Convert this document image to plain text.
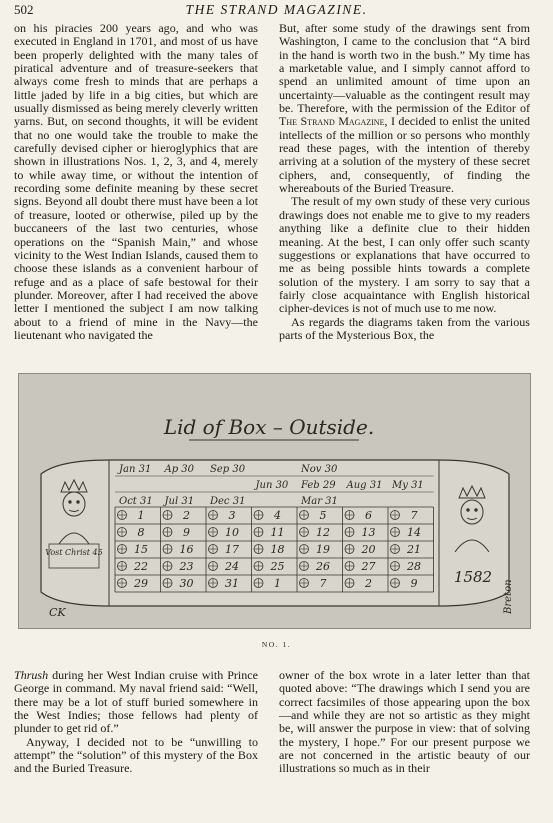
502	THE STRAND MAGAZINE.

on his piracies 200 years ago, and who was executed in England in 1701, and most of us have been properly delighted with the many tales of piratical adventure and of treasure-seekers that always come fresh to minds that are perhaps a little jaded by life in a big cities, but which are usually dismissed as being merely cleverly written yarns. But, on second thoughts, it will be evident that no one would take the trouble to make the carefully devised cipher or hieroglyphics that are shown in illustrations Nos. 1, 2, 3, and 4, merely to while away time, or without the intention of recording some definite meaning by these secret signs. Beyond all doubt there must have been a lot of treasure, looted or otherwise, piled up by the buccaneers of the last two centuries, whose operations on the “Spanish Main,” and whose vicinity to the West Indian Islands, caused them to choose these islands as a convenient harbour of refuge and as a place of safe bestowal for their plunder. Moreover, after I had received the above letter I mentioned the subject I am now talking about to a friend of mine in the Navy—the lieutenant who navigated the

But, after some study of the drawings sent from Washington, I came to the conclusion that “A bird in the hand is worth two in the bush.” My time has a marketable value, and I simply cannot afford to spend an unlimited amount of time upon an uncertainty—valuable as the contingent result may be. Therefore, with the permission of the Editor of The Strand Magazine, I decided to enlist the united intellects of the million or so persons who monthly read these pages, with the intention of thereby arriving at a solution of the mystery of these secret ciphers, and, consequently, of finding the whereabouts of the Buried Treasure.

The result of my own study of these very curious drawings does not enable me to give to my readers anything like a definite clue to their hidden meaning. At the best, I can only offer such scanty suggestions or explanations that have occurred to me as being possible hints towards a complete solution of the mystery. I am sorry to say that a fairly close acquaintance with English historical cipher-devices is not of much use to me now.

As regards the diagrams taken from the various parts of the Mysterious Box, the

1	2	3	4	5	6	7
8	9	10	11	12	13	14
15	16	17	18	19	20	21
22	23	24	25	26	27	28
29	30	31	1	7	2	9
Jan 31 Ap 30 Sep 30	Nov 30
Jun 30 Feb 29 Aug 31 My 31
Oct 31 Jul 31 Dec 31	Mar 31
Lid of Box – Outside.
Vost Christ 45
1582
CK	Breton
NO. 1.

Thrush during her West Indian cruise with Prince George in command. My naval friend said: “Well, there may be a lot of stuff buried somewhere in the West Indies; those fellows had plenty of plunder to get rid of.”

Anyway, I decided not to be “unwilling to attempt” the “solution” of this mystery of the Box and the Buried Treasure.

owner of the box wrote in a later letter than that quoted above: “The drawings which I send you are correct facsimiles of those appearing upon the box—and while they are not so artistic as they might be, will answer the purpose in view: that of solving the mystery, I hope.” For our present purpose we are not concerned in the artistic beauty of our illustrations so much as in their
